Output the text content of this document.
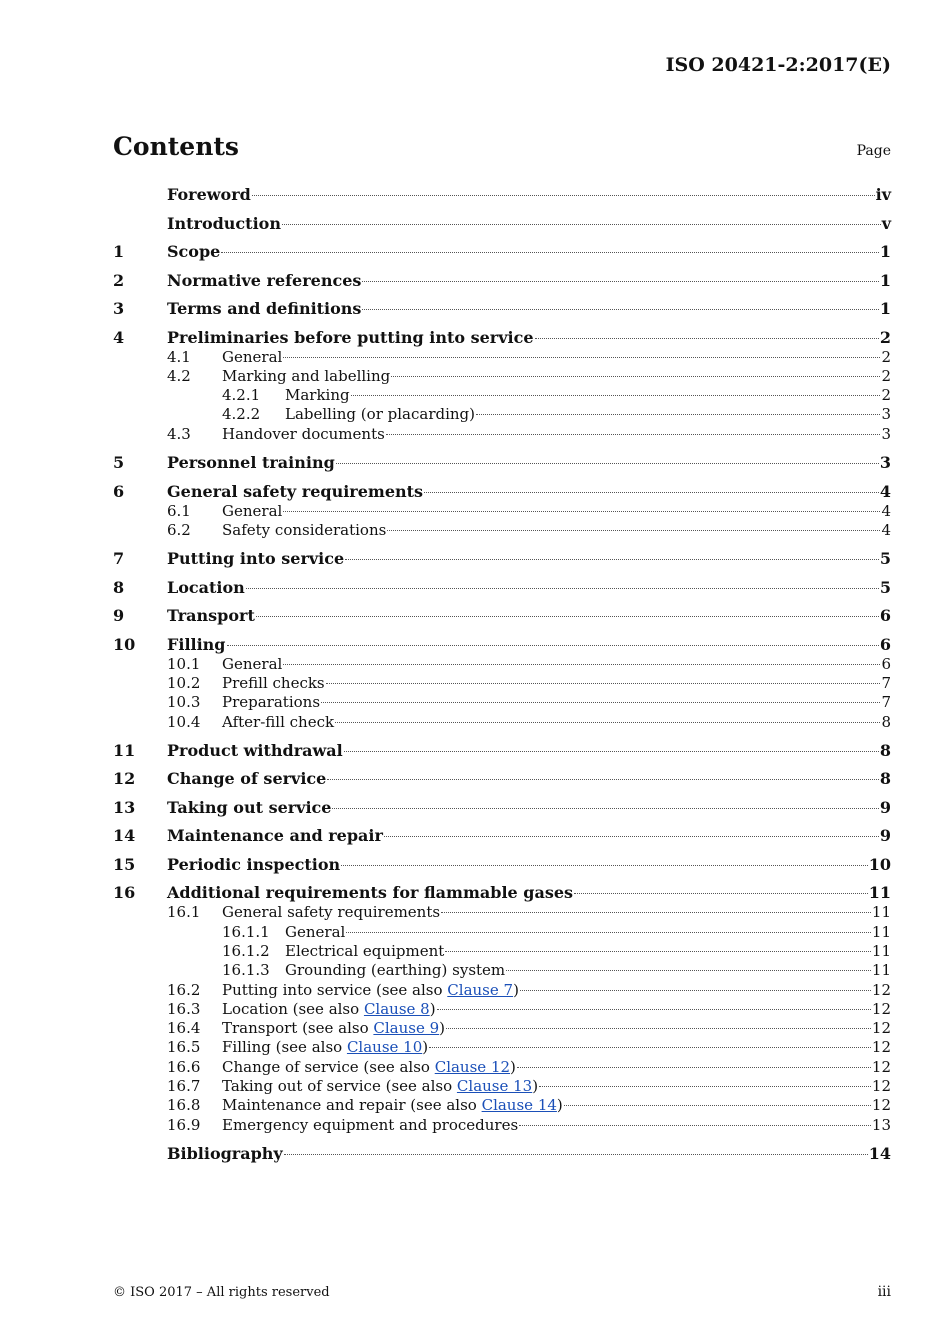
ISO 20421-2:2017(E)
Contents	Page
Foreword	iv
Introduction	v
1	Scope	1
2	Normative references	1
3	Terms and definitions	1
4	Preliminaries before putting into service	2
4.1	General	2
4.2	Marking and labelling	2
4.2.1	Marking	2
4.2.2	Labelling (or placarding)	3
4.3	Handover documents	3
5	Personnel training	3
6	General safety requirements	4
6.1	General	4
6.2	Safety considerations	4
7	Putting into service	5
8	Location	5
9	Transport	6
10	Filling	6
10.1	General	6
10.2	Prefill checks	7
10.3	Preparations	7
10.4	After-fill check	8
11	Product withdrawal	8
12	Change of service	8
13	Taking out service	9
14	Maintenance and repair	9
15	Periodic inspection	10
16	Additional requirements for flammable gases	11
16.1	General safety requirements	11
16.1.1	General	11
16.1.2	Electrical equipment	11
16.1.3	Grounding (earthing) system	11
16.2	Putting into service (see also Clause 7)	12
16.3	Location (see also Clause 8)	12
16.4	Transport (see also Clause 9)	12
16.5	Filling (see also Clause 10)	12
16.6	Change of service (see also Clause 12)	12
16.7	Taking out of service (see also Clause 13)	12
16.8	Maintenance and repair (see also Clause 14)	12
16.9	Emergency equipment and procedures	13
Bibliography	14
© ISO 2017 – All rights reserved	iii
